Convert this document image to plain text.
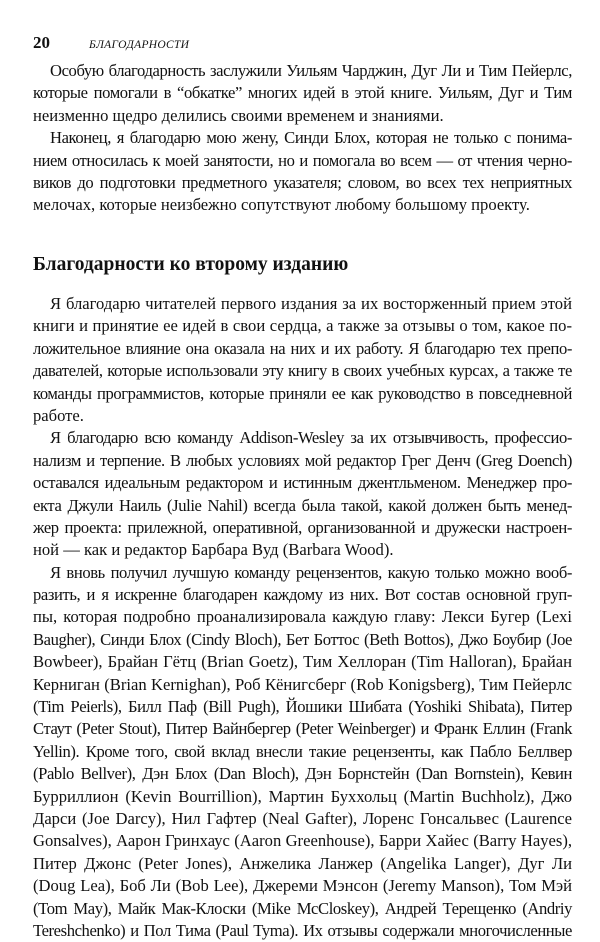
20	БЛАГОДАРНОСТИ
Особую благодарность заслужили Уильям Чарджин, Дуг Ли и Тим Пейерлс,
которые помогали в “обкатке” многих идей в этой книге. Уильям, Дуг и Тим
неизменно щедро делились своими временем и знаниями.
Наконец, я благодарю мою жену, Синди Блох, которая не только с понима-
нием относилась к моей занятости, но и помогала во всем — от чтения черно-
виков до подготовки предметного указателя; словом, во всех тех неприятных
мелочах, которые неизбежно сопутствуют любому большому проекту.
Благодарности ко второму изданию
Я благодарю читателей первого издания за их восторженный прием этой
книги и принятие ее идей в свои сердца, а также за отзывы о том, какое по-
ложительное влияние она оказала на них и их работу. Я благодарю тех препо-
давателей, которые использовали эту книгу в своих учебных курсах, а также те
команды программистов, которые приняли ее как руководство в повседневной
работе.
Я благодарю всю команду Addison-Wesley за их отзывчивость, профессио-
нализм и терпение. В любых условиях мой редактор Грег Денч (Greg Doench)
оставался идеальным редактором и истинным джентльменом. Менеджер про-
екта Джули Наиль (Julie Nahil) всегда была такой, какой должен быть менед-
жер проекта: прилежной, оперативной, организованной и дружески настроен-
ной — как и редактор Барбара Вуд (Barbara Wood).
Я вновь получил лучшую команду рецензентов, какую только можно вооб-
разить, и я искренне благодарен каждому из них. Вот состав основной груп-
пы, которая подробно проанализировала каждую главу: Лекси Бугер (Lexi
Baugher), Синди Блох (Cindy Bloch), Бет Боттос (Beth Bottos), Джо Боубир (Joe
Bowbeer), Брайан Гётц (Brian Goetz), Тим Хеллоран (Tim Halloran), Брайан
Керниган (Brian Kernighan), Роб Кёнигсберг (Rob Konigsberg), Тим Пейерлс
(Tim Peierls), Билл Паф (Bill Pugh), Йошики Шибата (Yoshiki Shibata), Питер
Стаут (Peter Stout), Питер Вайнбергер (Peter Weinberger) и Франк Еллин (Frank
Yellin). Кроме того, свой вклад внесли такие рецензенты, как Пабло Беллвер
(Pablo Bellver), Дэн Блох (Dan Bloch), Дэн Борнстейн (Dan Bornstein), Кевин
Бурриллион (Kevin Bourrillion), Мартин Буххольц (Martin Buchholz), Джо
Дарси (Joe Darcy), Нил Гафтер (Neal Gafter), Лоренс Гонсальвес (Laurence
Gonsalves), Аарон Гринхаус (Aaron Greenhouse), Барри Хайес (Barry Hayes),
Питер Джонс (Peter Jones), Анжелика Ланжер (Angelika Langer), Дуг Ли
(Doug Lea), Боб Ли (Bob Lee), Джереми Мэнсон (Jeremy Manson), Том Мэй
(Tom May), Майк Мак-Клоски (Mike McCloskey), Андрей Терещенко (Andriy
Tereshchenko) и Пол Тима (Paul Tyma). Их отзывы содержали многочисленные
